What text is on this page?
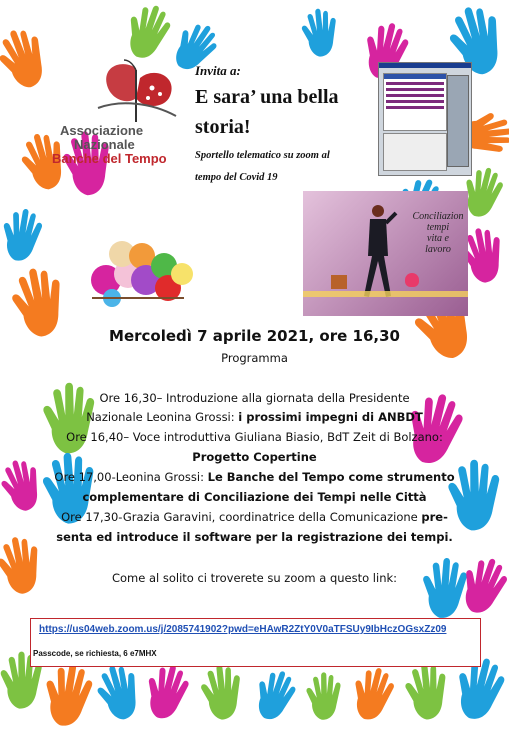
Associazione
Nazionale
Banche del Tempo
Invita a:
E sara’ una bella
storia!
Sportello telematico su zoom al
tempo del Covid 19
Conciliazion
tempi
vita e
lavoro
Mercoledì 7 aprile 2021, ore 16,30
Programma
Ore 16,30– Introduzione alla giornata della Presidente
Nazionale Leonina Grossi: i prossimi impegni di ANBDT
Ore 16,40– Voce introduttiva Giuliana Biasio, BdT Zeit di Bolzano:
Progetto Copertine
Ore 17,00-Leonina Grossi: Le Banche del Tempo come strumento
complementare di Conciliazione dei Tempi nelle Città
Ore 17,30-Grazia Garavini, coordinatrice della Comunicazione pre-
senta ed introduce il software per la registrazione dei tempi.
Come al solito ci troverete su zoom a questo link:
https://us04web.zoom.us/j/2085741902?pwd=eHAwR2ZtY0V0aTFSUy9IbHczOGsxZz09
Passcode, se richiesta, 6 e7MHX
